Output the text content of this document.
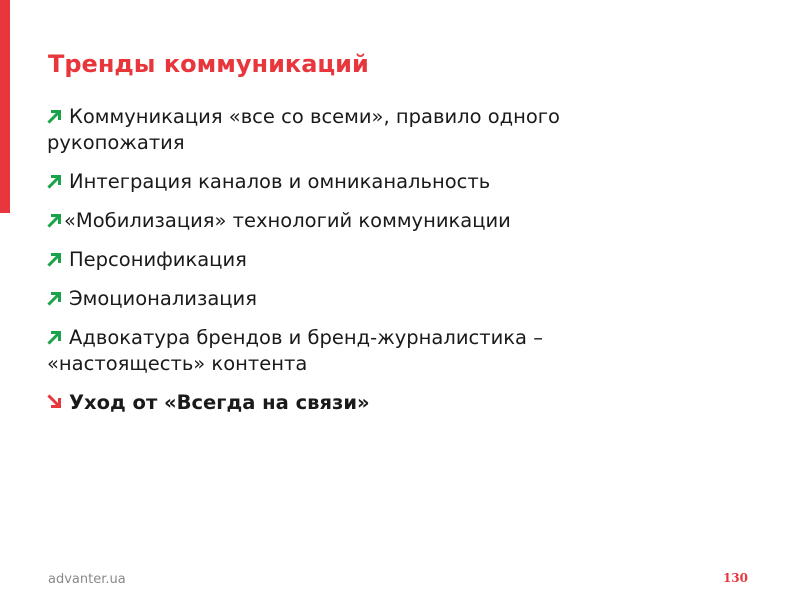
Тренды коммуникаций
Коммуникация «все со всеми», правило одного рукопожатия
Интеграция каналов и омниканальность
«Мобилизация» технологий коммуникации
Персонификация
Эмоционализация
Адвокатура брендов и бренд-журналистика – «настоящесть» контента
Уход от «Всегда на связи»
advanter.ua	130
